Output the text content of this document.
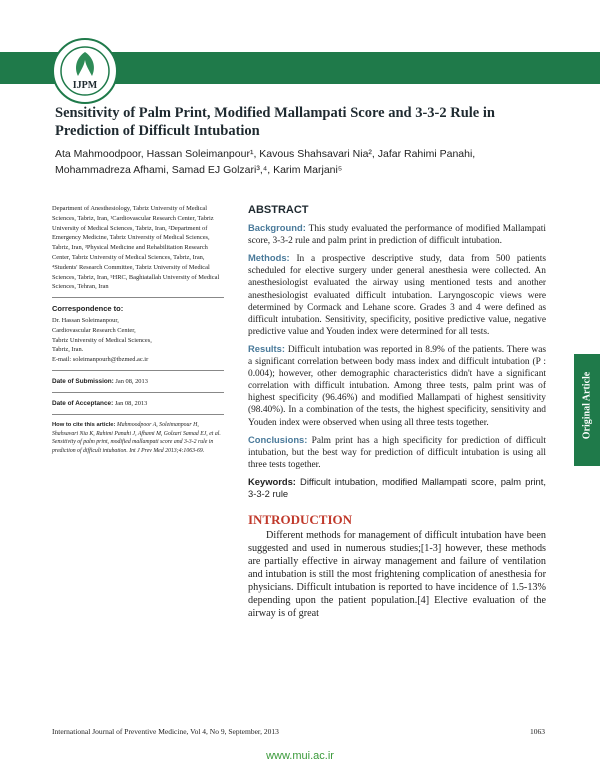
www.ijpm.ir
IJPM
Sensitivity of Palm Print, Modified Mallampati Score and 3-3-2 Rule in Prediction of Difficult Intubation
Ata Mahmoodpoor, Hassan Soleimanpour¹, Kavous Shahsavari Nia², Jafar Rahimi Panahi,
Mohammadreza Afhami, Samad EJ Golzari³,⁴, Karim Marjani⁵
Department of Anesthesiology, Tabriz University of Medical Sciences, Tabriz, Iran, ¹Cardiovascular Research Center, Tabriz University of Medical Sciences, Tabriz, Iran, ²Department of Emergency Medicine, Tabriz University of Medical Sciences, Tabriz, Iran, ³Physical Medicine and Rehabilitation Research Center, Tabriz University of Medical Sciences, Tabriz, Iran, ⁴Students' Research Committee, Tabriz University of Medical Sciences, Tabriz, Iran, ⁵HRC, Baghiatallah University of Medical Sciences, Tehran, Iran
Correspondence to:
Dr. Hassan Soleimanpour,
Cardiovascular Research Center,
Tabriz University of Medical Sciences,
Tabriz, Iran.
E-mail: soleimanpourh@tbzmed.ac.ir
Date of Submission: Jan 08, 2013
Date of Acceptance: Jan 08, 2013
How to cite this article: Mahmoodpoor A, Soleimanpour H, Shahsavari Nia K, Rahimi Panahi J, Afhami M, Golzari Samad EJ, et al. Sensitivity of palm print, modified mallampati score and 3-3-2 rule in prediction of difficult intubation. Int J Prev Med 2013;4:1063-69.
ABSTRACT

Background: This study evaluated the performance of modified Mallampati score, 3-3-2 rule and palm print in prediction of difficult intubation.

Methods: In a prospective descriptive study, data from 500 patients scheduled for elective surgery under general anesthesia were collected. An anesthesiologist evaluated the airway using mentioned tests and another anesthesiologist evaluated difficult intubation. Laryngoscopic views were determined by Cormack and Lehane score. Grades 3 and 4 were defined as difficult intubation. Sensitivity, specificity, positive predictive value, negative predictive value and Youden index were determined for all tests.

Results: Difficult intubation was reported in 8.9% of the patients. There was a significant correlation between body mass index and difficult intubation (P : 0.004); however, other demographic characteristics didn't have a significant correlation with difficult intubation. Among three tests, palm print was of highest specificity (96.46%) and modified Mallampati of highest sensitivity (98.40%). In a combination of the tests, the highest specificity, sensitivity and Youden index were observed when using all three tests together.

Conclusions: Palm print has a high specificity for prediction of difficult intubation, but the best way for prediction of difficult intubation is using all three tests together.

Keywords: Difficult intubation, modified Mallampati score, palm print, 3-3-2 rule

INTRODUCTION

Different methods for management of difficult intubation have been suggested and used in numerous studies;[1-3] however, these methods are partially effective in airway management and failure of ventilation and intubation is still the most frightening complication of anesthesia for physicians. Difficult intubation is reported to have incidence of 1.5-13% depending upon the patient population.[4] Elective evaluation of the airway is of great

Original Article
International Journal of Preventive Medicine, Vol 4, No 9, September, 2013	1063
www.mui.ac.ir
